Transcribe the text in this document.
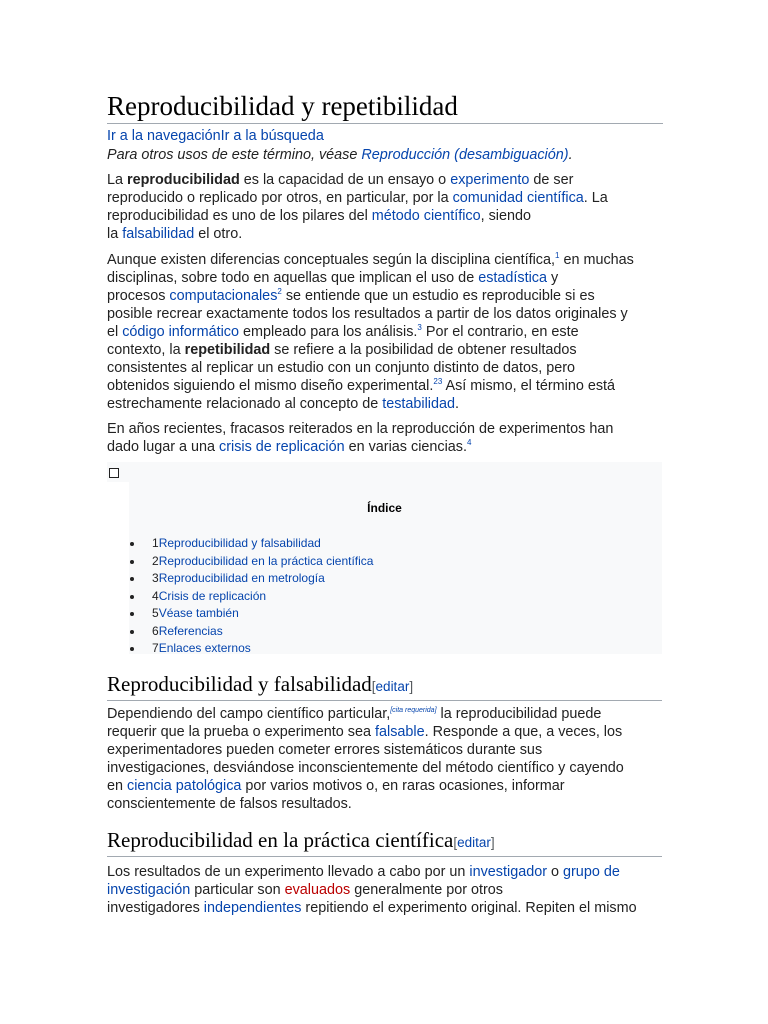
Reproducibilidad y repetibilidad
Ir a la navegaciónIr a la búsqueda
Para otros usos de este término, véase Reproducción (desambiguación).
La reproducibilidad es la capacidad de un ensayo o experimento de ser
reproducido o replicado por otros, en particular, por la comunidad científica. La
reproducibilidad es uno de los pilares del método científico, siendo
la falsabilidad el otro.
Aunque existen diferencias conceptuales según la disciplina científica,$^1$ en muchas
disciplinas, sobre todo en aquellas que implican el uso de estadística y
procesos computacionales$^2$ se entiende que un estudio es reproducible si es
posible recrear exactamente todos los resultados a partir de los datos originales y
el código informático empleado para los análisis.$^3$ Por el contrario, en este
contexto, la repetibilidad se refiere a la posibilidad de obtener resultados
consistentes al replicar un estudio con un conjunto distinto de datos, pero
obtenidos siguiendo el mismo diseño experimental.$^{23}$ Así mismo, el término está
estrechamente relacionado al concepto de testabilidad.
En años recientes, fracasos reiterados en la reproducción de experimentos han
dado lugar a una crisis de replicación en varias ciencias.$^4$
Índice
1Reproducibilidad y falsabilidad
2Reproducibilidad en la práctica científica
3Reproducibilidad en metrología
4Crisis de replicación
5Véase también
6Referencias
7Enlaces externos
Reproducibilidad y falsabilidad[editar]
Dependiendo del campo científico particular,[cita requerida] la reproducibilidad puede
requerir que la prueba o experimento sea falsable. Responde a que, a veces, los
experimentadores pueden cometer errores sistemáticos durante sus
investigaciones, desviándose inconscientemente del método científico y cayendo
en ciencia patológica por varios motivos o, en raras ocasiones, informar
conscientemente de falsos resultados.
Reproducibilidad en la práctica científica[editar]
Los resultados de un experimento llevado a cabo por un investigador o grupo de
investigación particular son evaluados generalmente por otros
investigadores independientes repitiendo el experimento original. Repiten el mismo
